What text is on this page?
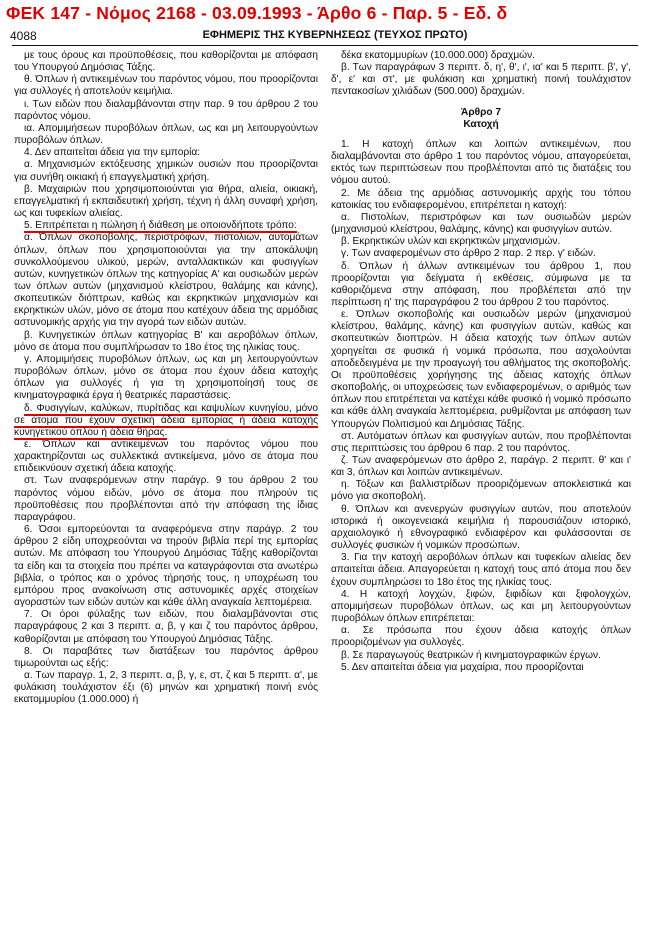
ΦΕΚ 147 - Νόμος 2168 - 03.09.1993 - Άρθο 6 - Παρ. 5 - Εδ. δ
4088	ΕΦΗΜΕΡΙΣ ΤΗΣ ΚΥΒΕΡΝΗΣΕΩΣ (ΤΕΥΧΟΣ ΠΡΩΤΟ)

με τους όρους και προϋποθέσεις, που καθορίζονται με απόφαση του Υπουργού Δημόσιας Τάξης.

θ. Όπλων ή αντικειμένων του παρόντος νόμου, που προορίζονται για συλλογές ή αποτελούν κειμήλια.

ι. Των ειδών που διαλαμβάνονται στην παρ. 9 του άρθρου 2 του παρόντος νόμου.

ια. Απομιμήσεων πυροβόλων όπλων, ως και μη λειτουργούντων πυροβόλων όπλων.

4. Δεν απαιτείται άδεια για την εμπορία:

α. Μηχανισμών εκτόξευσης χημικών ουσιών που προορίζονται για συνήθη οικιακή ή επαγγελματική χρήση.

β. Μαχαιριών που χρησιμοποιούνται για θήρα, αλιεία, οικιακή, επαγγελματική ή εκπαιδευτική χρήση, τέχνη ή άλλη συναφή χρήση, ως και τυφεκίων αλιείας.

5. Επιτρέπεται η πώληση ή διάθεση με οποιονδήποτε τρόπο:

α. Όπλων σκοποβολής, περιστρόφων, πιστολιών, αυτομάτων όπλων, όπλων που χρησιμοποιούνται για την αποκάλυψη συνκολλούμενου υλικού, μερών, ανταλλακτικών και φυσιγγίων αυτών, κυνηγετικών όπλων της κατηγορίας Α' και ουσιωδών μερών των όπλων αυτών (μηχανισμού κλείστρου, θαλάμης και κάνης), σκοπευτικών διόπτρων, καθώς και εκρηκτικών μηχανισμών και εκρηκτικών υλών, μόνο σε άτομα που κατέχουν άδεια της αρμόδιας αστυνομικής αρχής για την αγορά των ειδών αυτών.

β. Κυνηγετικών όπλων κατηγορίας Β' και αεροβόλων όπλων, μόνο σε άτομα που συμπλήρωσαν το 18ο έτος της ηλικίας τους.

γ. Απομιμήσεις πυροβόλων όπλων, ως και μη λειτουργούντων πυροβόλων όπλων, μόνο σε άτομα που έχουν άδεια κατοχής όπλων για συλλογές ή για τη χρησιμοποίησή τους σε κινηματογραφικά έργα ή θεατρικές παραστάσεις.

δ. Φυσιγγίων, καλύκων, πυρίτιδας και καψυλίων κυνηγίου, μόνο σε άτομα που έχουν σχετική άδεια εμπορίας ή άδεια κατοχής κυνηγετικού όπλου ή άδεια θήρας.

ε. Όπλων και αντικειμένων του παρόντος νόμου που χαρακτηρίζονται ως συλλεκτικά αντικείμενα, μόνο σε άτομα που επιδεικνύουν σχετική άδεια κατοχής.

στ. Των αναφερόμενων στην παράγρ. 9 του άρθρου 2 του παρόντος νόμου ειδών, μόνο σε άτομα που πληρούν τις προϋποθέσεις που προβλέπονται από την απόφαση της ίδιας παραγράφου.

6. Όσοι εμπορεύονται τα αναφερόμενα στην παράγρ. 2 του άρθρου 2 είδη υποχρεούνται να τηρούν βιβλία περί της εμπορίας αυτών. Με απόφαση του Υπουργού Δημόσιας Τάξης καθορίζονται τα είδη και τα στοιχεία που πρέπει να καταγράφονται στα ανωτέρω βιβλία, ο τρόπος και ο χρόνος τήρησής τους, η υποχρέωση του εμπόρου προς ανακοίνωση στις αστυνομικές αρχές στοιχείων αγοραστών των ειδών αυτών και κάθε άλλη αναγκαία λεπτομέρεια.

7. Οι όροι φύλαξης των ειδών, που διαλαμβάνονται στις παραγράφους 2 και 3 περιπτ. α, β, γ και ζ του παρόντος άρθρου, καθορίζονται με απόφαση του Υπουργού Δημόσιας Τάξης.

8. Οι παραβάτες των διατάξεων του παρόντος άρθρου τιμωρούνται ως εξής:

α. Των παραγρ. 1, 2, 3 περιπτ. α, β, γ, ε, στ, ζ και 5 περιπτ. α', με φυλάκιση τουλάχιστον έξι (6) μηνών και χρηματική ποινή ενός εκατομμυρίου (1.000.000) ή

δέκα εκατομμυρίων (10.000.000) δραχμών.

β. Των παραγράφων 3 περιπτ. δ, η', θ', ι', ια' και 5 περιπτ. β', γ', δ', ε' και στ', με φυλάκιση και χρηματική ποινή τουλάχιστον πεντακοσίων χιλιάδων (500.000) δραχμών.

Άρθρο 7

Κατοχή

1. Η κατοχή όπλων και λοιπών αντικειμένων, που διαλαμβάνονται στο άρθρο 1 του παρόντος νόμου, απαγορεύεται, εκτός των περιπτώσεων που προβλέπονται από τις διατάξεις του νόμου αυτού.

2. Με άδεια της αρμόδιας αστυνομικής αρχής του τόπου κατοικίας του ενδιαφερομένου, επιτρέπεται η κατοχή:

α. Πιστολίων, περιστρόφων και των ουσιωδών μερών (μηχανισμού κλείστρου, θαλάμης, κάνης) και φυσιγγίων αυτών.

β. Εκρηκτικών υλών και εκρηκτικών μηχανισμών.

γ. Των αναφερομένων στο άρθρο 2 παρ. 2 περ. γ' ειδών.

δ. Όπλων ή άλλων αντικειμένων του άρθρου 1, που προορίζονται για δείγματα ή εκθέσεις, σύμφωνα με τα καθοριζόμενα στην απόφαση, που προβλέπεται από την περίπτωση η' της παραγράφου 2 του άρθρου 2 του παρόντος.

ε. Όπλων σκοποβολής και ουσιωδών μερών (μηχανισμού κλείστρου, θαλάμης, κάνης) και φυσιγγίων αυτών, καθώς και σκοπευτικών διοπτρών. Η άδεια κατοχής των όπλων αυτών χορηγείται σε φυσικά ή νομικά πρόσωπα, που ασχολούνται αποδεδειγμένα με την προαγωγή του αθλήματος της σκοποβολής. Οι προϋποθέσεις χορήγησης της άδειας κατοχής όπλων σκοποβολής, οι υποχρεώσεις των ενδιαφερομένων, ο αριθμός των όπλων που επιτρέπεται να κατέχει κάθε φυσικό ή νομικό πρόσωπο και κάθε άλλη αναγκαία λεπτομέρεια, ρυθμίζονται με απόφαση των Υπουργών Πολιτισμού και Δημόσιας Τάξης.

στ. Αυτόματων όπλων και φυσιγγίων αυτών, που προβλέπονται στις περιπτώσεις του άρθρου 6 παρ. 2 του παρόντος.

ζ. Των αναφερόμενων στο άρθρο 2, παράγρ. 2 περιπτ. θ' και ι' και 3, όπλων και λοιπών αντικειμένων.

η. Τόξων και βαλλιστρίδων προοριζόμενων αποκλειστικά και μόνο για σκοποβολή.

θ. Όπλων και ανενεργών φυσιγγίων αυτών, που αποτελούν ιστορικά ή οικογενειακά κειμήλια ή παρουσιάζουν ιστορικό, αρχαιολογικό ή εθνογραφικό ενδιαφέρον και φυλάσσονται σε συλλογές φυσικών ή νομικών προσώπων.

3. Για την κατοχή αεροβόλων όπλων και τυφεκίων αλιείας δεν απαιτείται άδεια. Απαγορεύεται η κατοχή τους από άτομα που δεν έχουν συμπληρώσει το 18ο έτος της ηλικίας τους.

4. Η κατοχή λογχών, ξιφών, ξιφιδίων και ξιφολογχών, απομιμήσεων πυροβόλων όπλων, ως και μη λειτουργούντων πυροβόλων όπλων επιτρέπεται:

α. Σε πρόσωπα που έχουν άδεια κατοχής όπλων προοριζομένων για συλλογές.

β. Σε παραγωγούς θεατρικών ή κινηματογραφικών έργων.

5. Δεν απαιτείται άδεια για μαχαίρια, που προορίζονται
